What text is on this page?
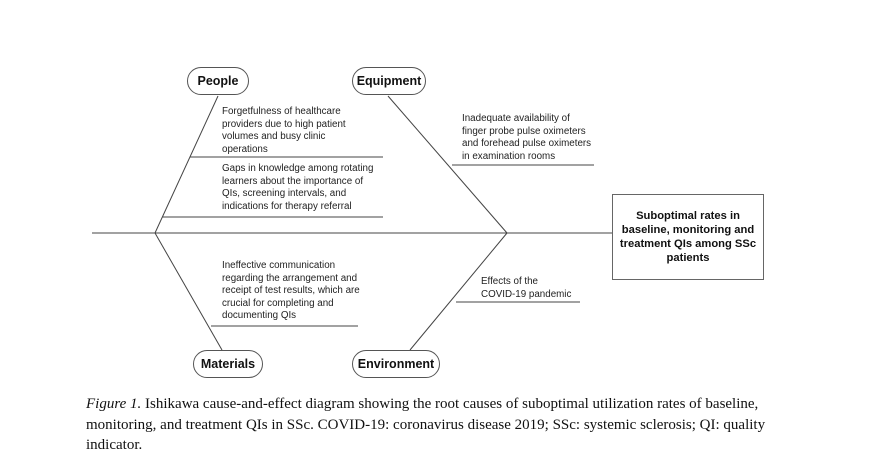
People	Equipment
Materials	Environment
Forgetfulness of healthcare
providers due to high patient
volumes and busy clinic
operations
Gaps in knowledge among rotating
learners about the importance of
QIs, screening intervals, and
indications for therapy referral
Inadequate availability of
finger probe pulse oximeters
and forehead pulse oximeters
in examination rooms
Ineffective communication
regarding the arrangement and
receipt of test results, which are
crucial for completing and
documenting QIs
Effects of the
COVID-19 pandemic
Suboptimal rates in
baseline, monitoring and
treatment QIs among SSc
patients
Figure 1. Ishikawa cause-and-effect diagram showing the root causes of suboptimal utilization rates of baseline, monitoring, and treatment QIs in SSc. COVID-19: coronavirus disease 2019; SSc: systemic sclerosis; QI: quality indicator.
